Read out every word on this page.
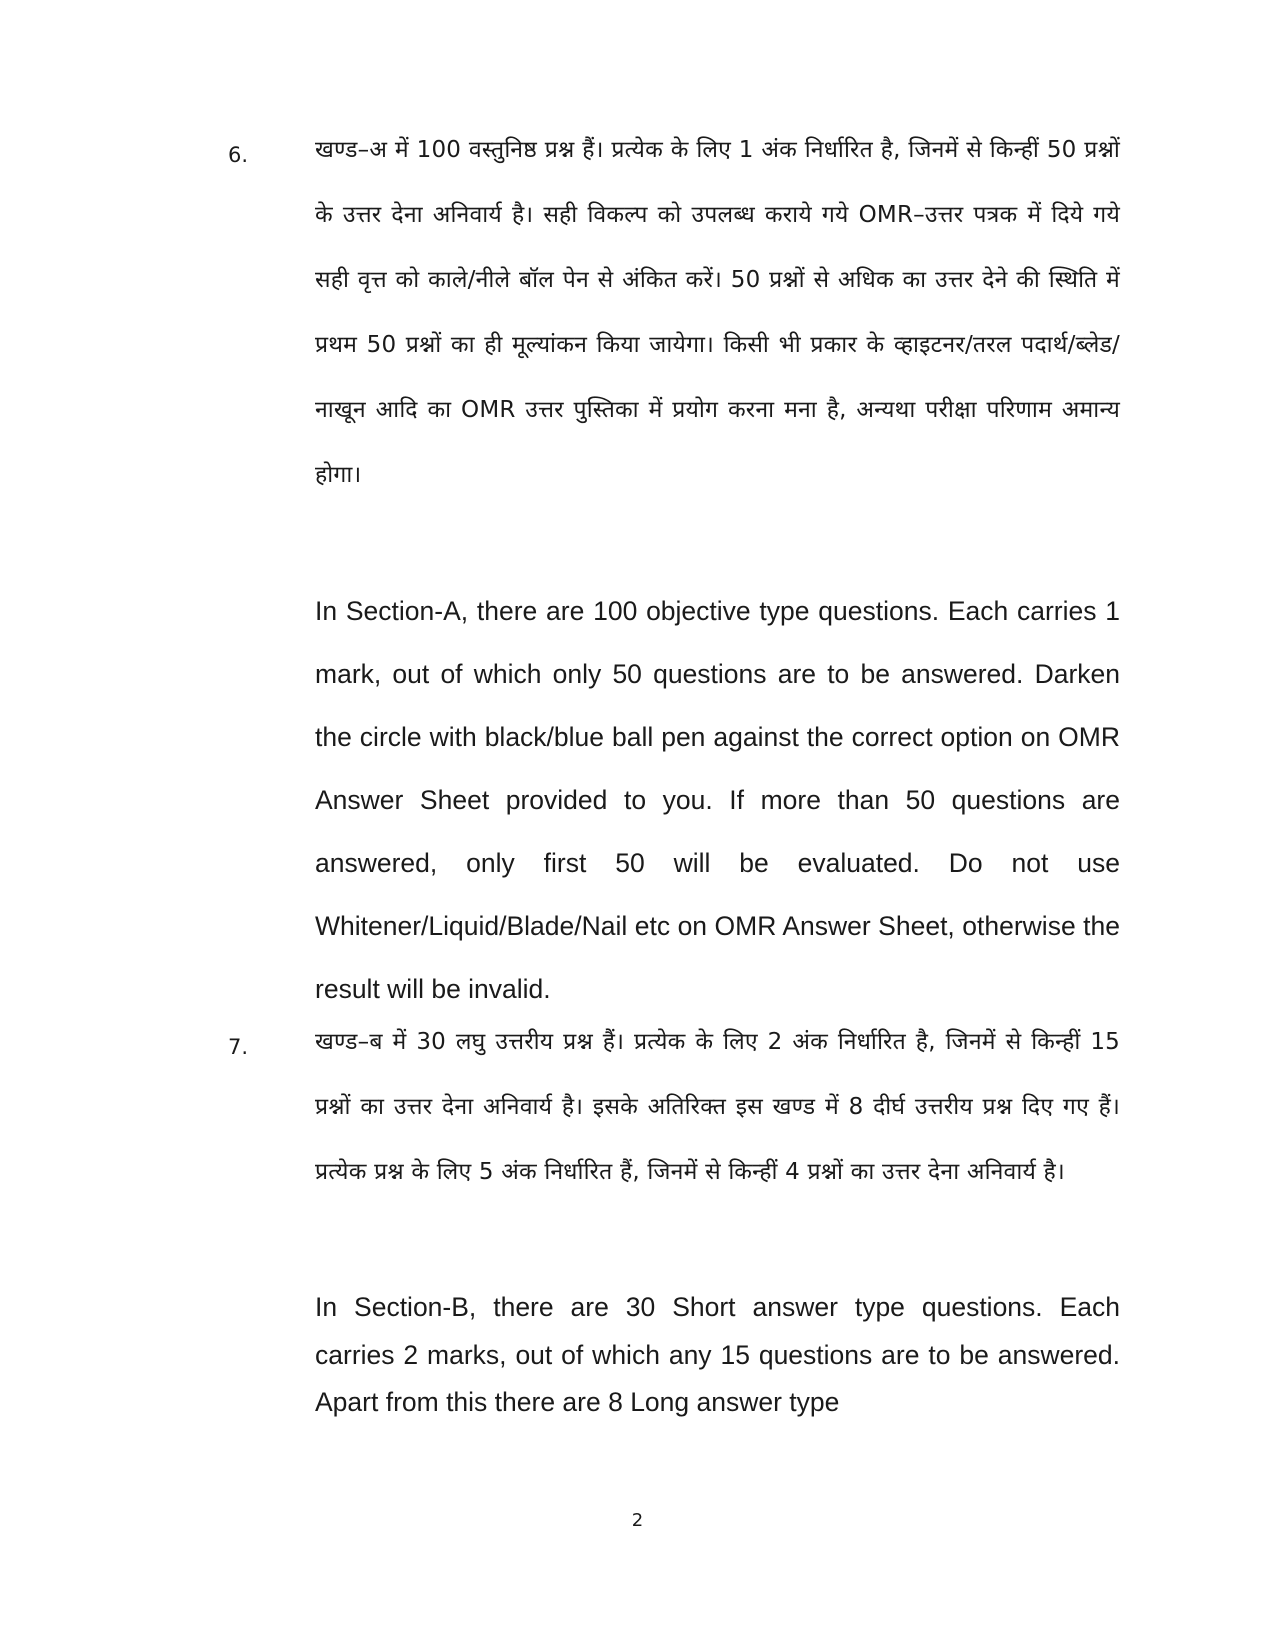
6.	खण्ड–अ में 100 वस्तुनिष्ठ प्रश्न हैं। प्रत्येक के लिए 1 अंक निर्धारित है, जिनमें से किन्हीं 50 प्रश्नों के उत्तर देना अनिवार्य है। सही विकल्प को उपलब्ध कराये गये OMR–उत्तर पत्रक में दिये गये सही वृत्त को काले/नीले बॉल पेन से अंकित करें। 50 प्रश्नों से अधिक का उत्तर देने की स्थिति में प्रथम 50 प्रश्नों का ही मूल्यांकन किया जायेगा। किसी भी प्रकार के व्हाइटनर/तरल पदार्थ/ब्लेड/नाखून आदि का OMR उत्तर पुस्तिका में प्रयोग करना मना है, अन्यथा परीक्षा परिणाम अमान्य होगा।
In Section-A, there are 100 objective type questions. Each carries 1 mark, out of which only 50 questions are to be answered. Darken the circle with black/blue ball pen against the correct option on OMR Answer Sheet provided to you. If more than 50 questions are answered, only first 50 will be evaluated. Do not use Whitener/Liquid/Blade/Nail etc on OMR Answer Sheet, otherwise the result will be invalid.
7.	खण्ड–ब में 30 लघु उत्तरीय प्रश्न हैं। प्रत्येक के लिए 2 अंक निर्धारित है, जिनमें से किन्हीं 15 प्रश्नों का उत्तर देना अनिवार्य है। इसके अतिरिक्त इस खण्ड में 8 दीर्घ उत्तरीय प्रश्न दिए गए हैं। प्रत्येक प्रश्न के लिए 5 अंक निर्धारित हैं, जिनमें से किन्हीं 4 प्रश्नों का उत्तर देना अनिवार्य है।
In Section-B, there are 30 Short answer type questions. Each carries 2 marks, out of which any 15 questions are to be answered. Apart from this there are 8 Long answer type
2
